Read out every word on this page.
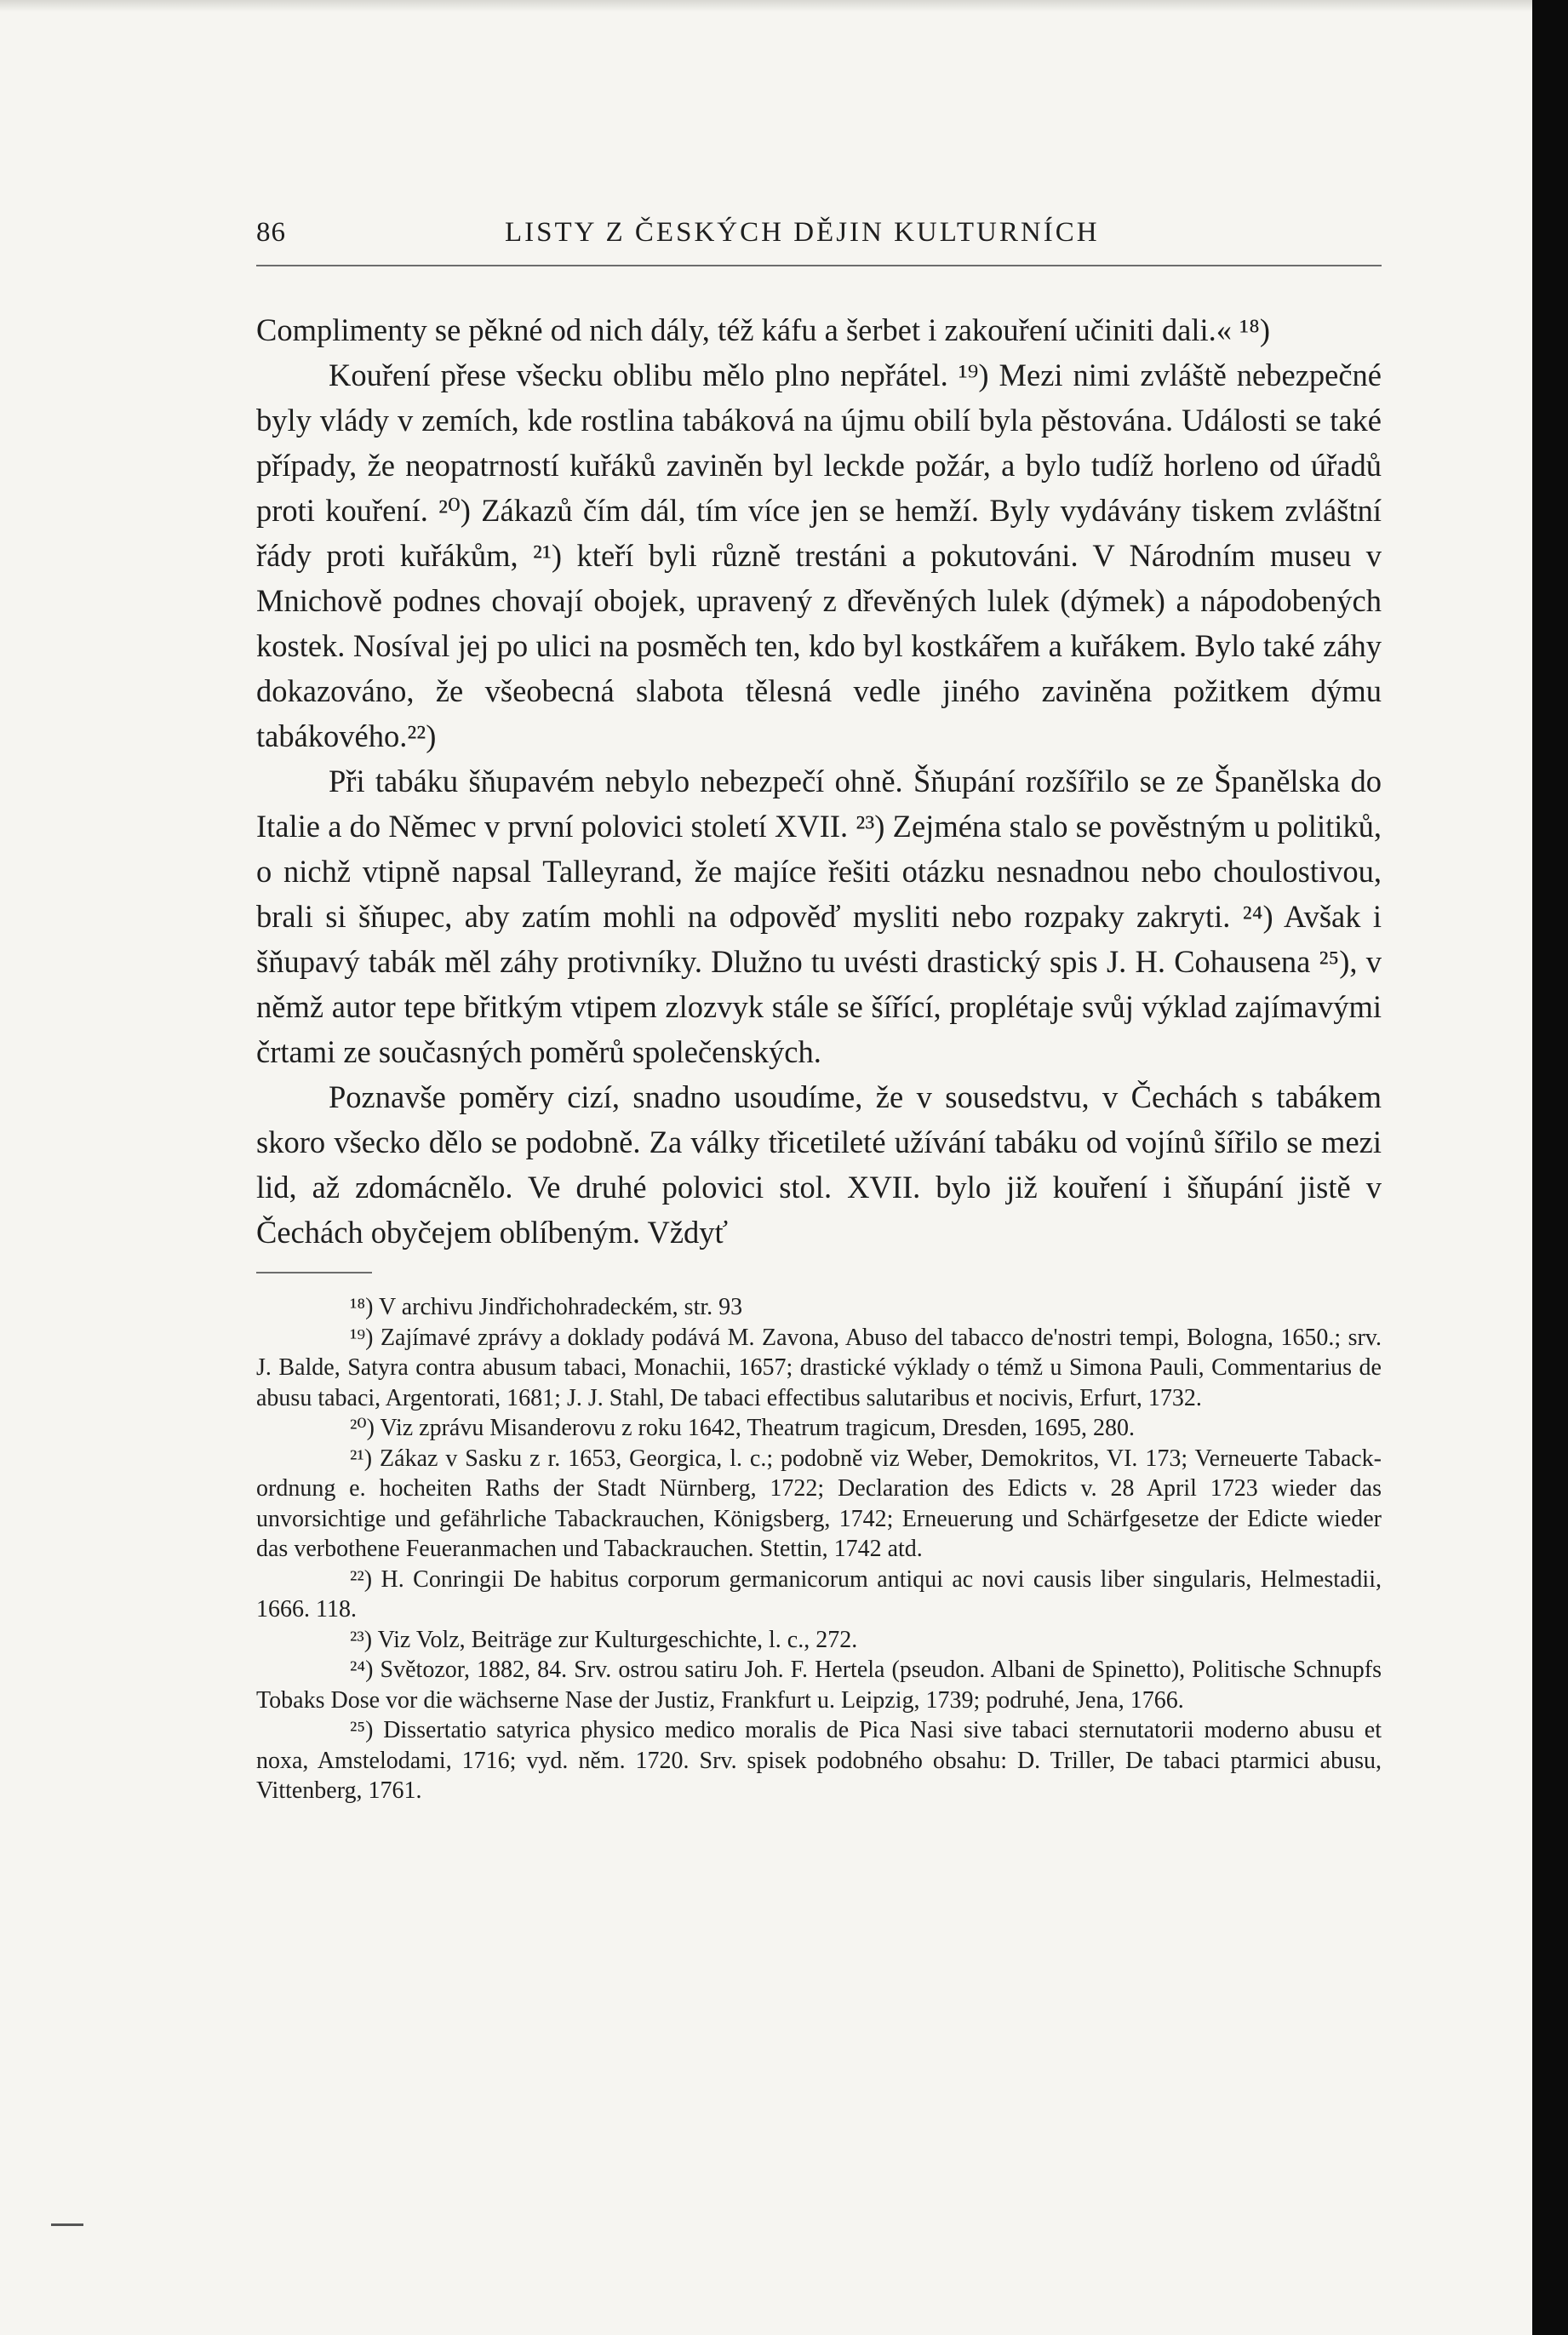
86	LISTY Z ČESKÝCH DĚJIN KULTURNÍCH

Complimenty se pěkné od nich dály, též káfu a šerbet i zakouření učiniti dali.« ¹⁸)

Kouření přese všecku oblibu mělo plno nepřátel. ¹⁹) Mezi nimi zvláště nebezpečné byly vlády v zemích, kde rostlina tabáková na újmu obilí byla pěstována. Události se také případy, že neopatrností kuřáků zaviněn byl leckde požár, a bylo tudíž horleno od úřadů proti kouření. ²⁰) Zákazů čím dál, tím více jen se hemží. Byly vydávány tiskem zvláštní řády proti kuřákům, ²¹) kteří byli různě trestáni a pokutováni. V Národním museu v Mnichově podnes chovají obojek, upravený z dřevěných lulek (dýmek) a nápodobených kostek. Nosíval jej po ulici na posměch ten, kdo byl kostkářem a kuřákem. Bylo také záhy dokazováno, že všeobecná slabota tělesná vedle jiného zaviněna požitkem dýmu tabákového.²²)

Při tabáku šňupavém nebylo nebezpečí ohně. Šňupání rozšířilo se ze Španělska do Italie a do Němec v první polovici století XVII. ²³) Zejména stalo se pověstným u politiků, o nichž vtipně napsal Talleyrand, že majíce řešiti otázku nesnadnou nebo choulostivou, brali si šňupec, aby zatím mohli na odpověď mysliti nebo rozpaky zakryti. ²⁴) Avšak i šňupavý tabák měl záhy protivníky. Dlužno tu uvésti drastický spis J. H. Cohausena ²⁵), v němž autor tepe břitkým vtipem zlozvyk stále se šířící, proplétaje svůj výklad zajímavými črtami ze současných poměrů společenských.

Poznavše poměry cizí, snadno usoudíme, že v sousedstvu, v Čechách s tabákem skoro všecko dělo se podobně. Za války třicetileté užívání tabáku od vojínů šířilo se mezi lid, až zdomácnělo. Ve druhé polovici stol. XVII. bylo již kouření i šňupání jistě v Čechách obyčejem oblíbeným. Vždyť

¹⁸) V archivu Jindřichohradeckém, str. 93

¹⁹) Zajímavé zprávy a doklady podává M. Zavona, Abuso del tabacco de'nostri tempi, Bologna, 1650.; srv. J. Balde, Satyra contra abusum tabaci, Monachii, 1657; drastické výklady o témž u Simona Pauli, Commentarius de abusu tabaci, Argentorati, 1681; J. J. Stahl, De tabaci effectibus salutaribus et nocivis, Erfurt, 1732.

²⁰) Viz zprávu Misanderovu z roku 1642, Theatrum tragicum, Dresden, 1695, 280.

²¹) Zákaz v Sasku z r. 1653, Georgica, l. c.; podobně viz Weber, Demokritos, VI. 173; Verneuerte Taback-ordnung e. hocheiten Raths der Stadt Nürnberg, 1722; Declaration des Edicts v. 28 April 1723 wieder das unvorsichtige und gefährliche Tabackrauchen, Königsberg, 1742; Erneuerung und Schärfgesetze der Edicte wieder das verbothene Feueranmachen und Tabackrauchen. Stettin, 1742 atd.

²²) H. Conringii De habitus corporum germanicorum antiqui ac novi causis liber singularis, Helmestadii, 1666. 118.

²³) Viz Volz, Beiträge zur Kulturgeschichte, l. c., 272.

²⁴) Světozor, 1882, 84. Srv. ostrou satiru Joh. F. Hertela (pseudon. Albani de Spinetto), Politische Schnupfs Tobaks Dose vor die wächserne Nase der Justiz, Frankfurt u. Leipzig, 1739; podruhé, Jena, 1766.

²⁵) Dissertatio satyrica physico medico moralis de Pica Nasi sive tabaci sternutatorii moderno abusu et noxa, Amstelodami, 1716; vyd. něm. 1720. Srv. spisek podobného obsahu: D. Triller, De tabaci ptarmici abusu, Vittenberg, 1761.
